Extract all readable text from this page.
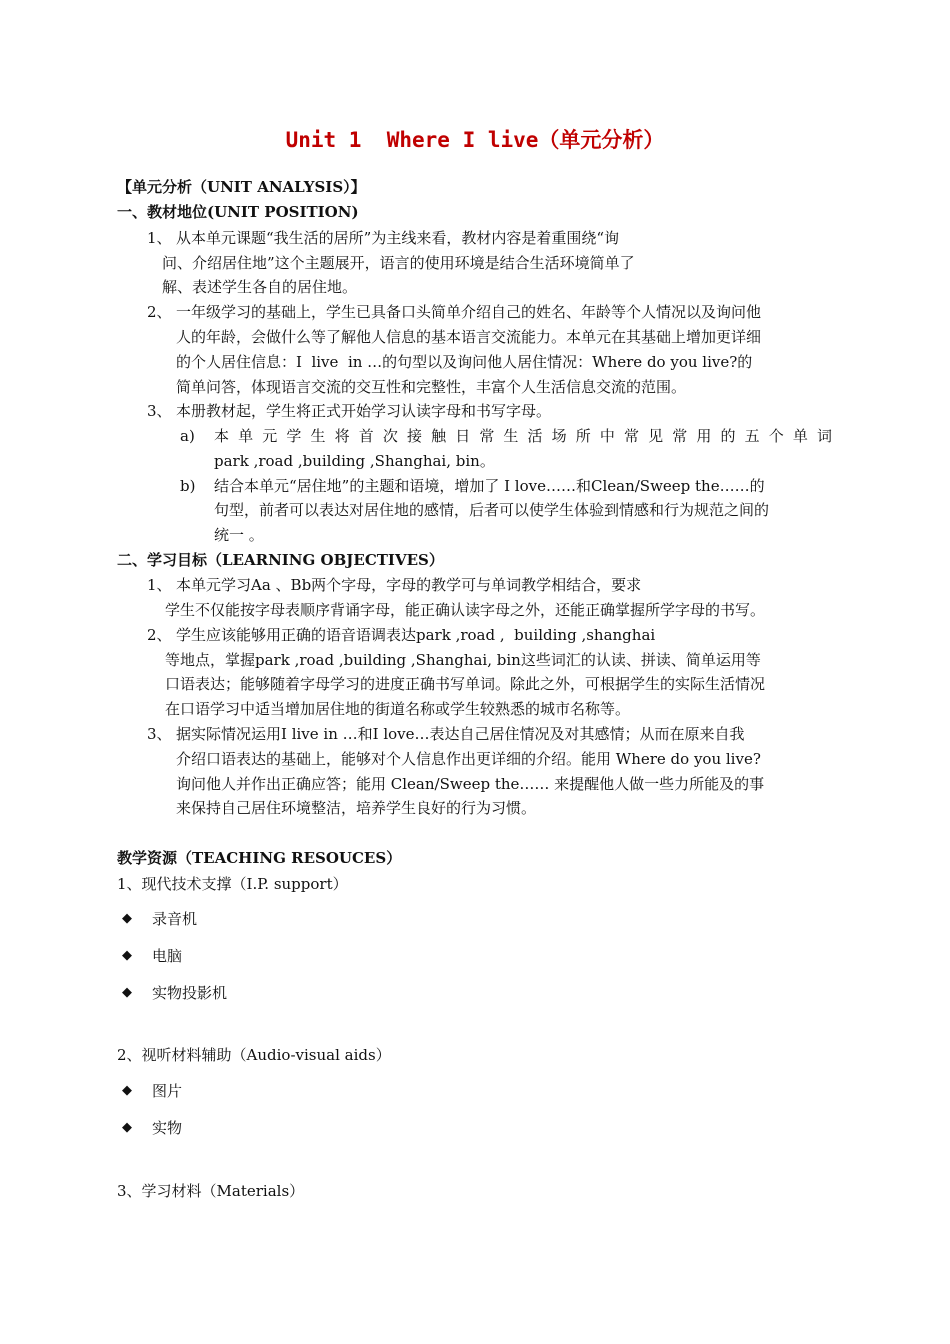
Unit 1  Where I live（单元分析）
【单元分析（UNIT ANALYSIS）】
一、教材地位(UNIT POSITION)
1、 从本单元课题“我生活的居所”为主线来看，教材内容是着重围绕“询
问、介绍居住地”这个主题展开，语言的使用环境是结合生活环境简单了
解、表述学生各自的居住地。
2、 一年级学习的基础上，学生已具备口头简单介绍自己的姓名、年龄等个人情况以及询问他
人的年龄，会做什么等了解他人信息的基本语言交流能力。本单元在其基础上增加更详细
的个人居住信息：I  live  in …的句型以及询问他人居住情况：Where do you live?的
简单问答，体现语言交流的交互性和完整性，丰富个人生活信息交流的范围。
3、 本册教材起，学生将正式开始学习认读字母和书写字母。
a) 本单元学生将首次接触日常生活场所中常见常用的五个单词
park ,road ,building ,Shanghai, bin。
b) 结合本单元“居住地”的主题和语境，增加了 I love……和Clean/Sweep the……的
句型，前者可以表达对居住地的感情，后者可以使学生体验到情感和行为规范之间的
统一 。
二、学习目标（LEARNING OBJECTIVES）
1、 本单元学习Aa 、Bb两个字母，字母的教学可与单词教学相结合，要求
学生不仅能按字母表顺序背诵字母，能正确认读字母之外，还能正确掌握所学字母的书写。
2、 学生应该能够用正确的语音语调表达park ,road ,  building ,shanghai
等地点，掌握park ,road ,building ,Shanghai, bin这些词汇的认读、拼读、简单运用等
口语表达；能够随着字母学习的进度正确书写单词。除此之外，可根据学生的实际生活情况
在口语学习中适当增加居住地的街道名称或学生较熟悉的城市名称等。
3、 据实际情况运用I live in …和I love…表达自己居住情况及对其感情；从而在原来自我
介绍口语表达的基础上，能够对个人信息作出更详细的介绍。能用 Where do you live?
询问他人并作出正确应答；能用 Clean/Sweep the…… 来提醒他人做一些力所能及的事
来保持自己居住环境整洁，培养学生良好的行为习惯。
教学资源（TEACHING RESOUCES）
1、现代技术支撑（I.P. support）
◆ 录音机
◆ 电脑
◆ 实物投影机
2、视听材料辅助（Audio-visual aids）
◆ 图片
◆ 实物
3、学习材料（Materials）
